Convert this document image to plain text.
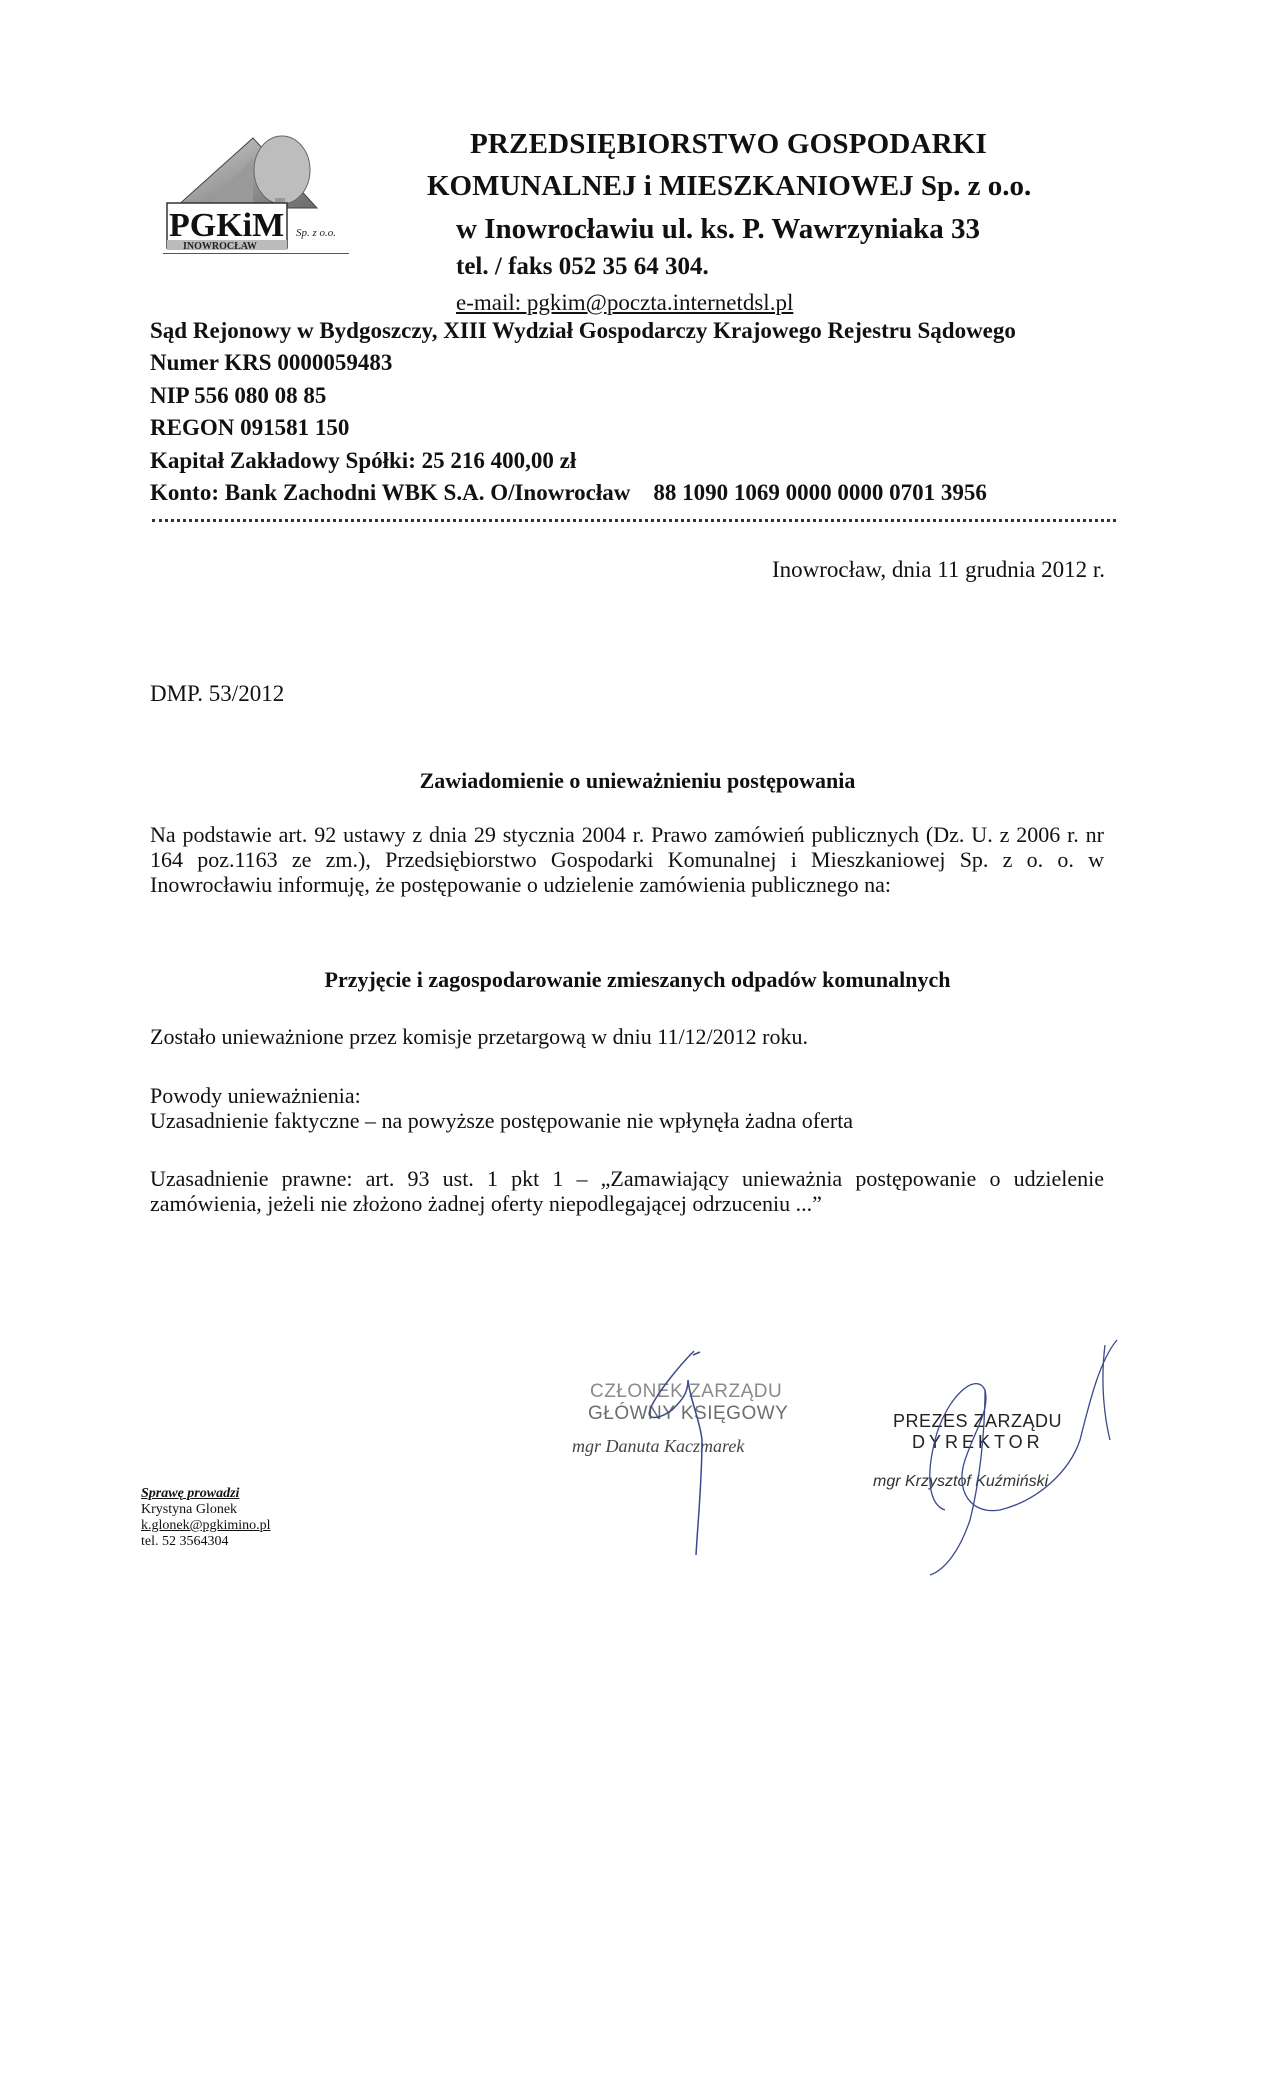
PGKiM Sp. z o.o.
INOWROCŁAW
PRZEDSIĘBIORSTWO GOSPODARKI
KOMUNALNEJ i MIESZKANIOWEJ Sp. z o.o.
w Inowrocławiu ul. ks. P. Wawrzyniaka 33
tel. / faks 052 35 64 304.
e-mail: pgkim@poczta.internetdsl.pl
Sąd Rejonowy w Bydgoszczy, XIII Wydział Gospodarczy Krajowego Rejestru Sądowego
Numer KRS 0000059483
NIP 556 080 08 85
REGON 091581 150
Kapitał Zakładowy Spółki: 25 216 400,00 zł
Konto: Bank Zachodni WBK S.A. O/Inowrocław    88 1090 1069 0000 0000 0701 3956
Inowrocław, dnia 11 grudnia 2012 r.
DMP. 53/2012
Zawiadomienie o unieważnieniu postępowania
Na podstawie art. 92 ustawy z dnia 29 stycznia 2004 r. Prawo zamówień publicznych (Dz. U. z 2006 r. nr 164 poz.1163 ze zm.), Przedsiębiorstwo Gospodarki Komunalnej i Mieszkaniowej Sp. z o. o. w Inowrocławiu informuję, że postępowanie o udzielenie zamówienia publicznego na:
Przyjęcie i zagospodarowanie zmieszanych odpadów komunalnych
Zostało unieważnione przez komisje przetargową w dniu 11/12/2012 roku.
Powody unieważnienia:
Uzasadnienie faktyczne – na powyższe postępowanie nie wpłynęła żadna oferta
Uzasadnienie prawne: art. 93 ust. 1 pkt 1 – „Zamawiający unieważnia postępowanie o udzielenie zamówienia, jeżeli nie złożono żadnej oferty niepodlegającej odrzuceniu ...”
CZŁONEK ZARZĄDU
GŁÓWNY KSIĘGOWY
mgr Danuta Kaczmarek
PREZES ZARZĄDU
DYREKTOR
mgr Krzysztof Kuźmiński
Sprawę prowadzi
Krystyna Glonek
k.glonek@pgkimino.pl
tel. 52 3564304
